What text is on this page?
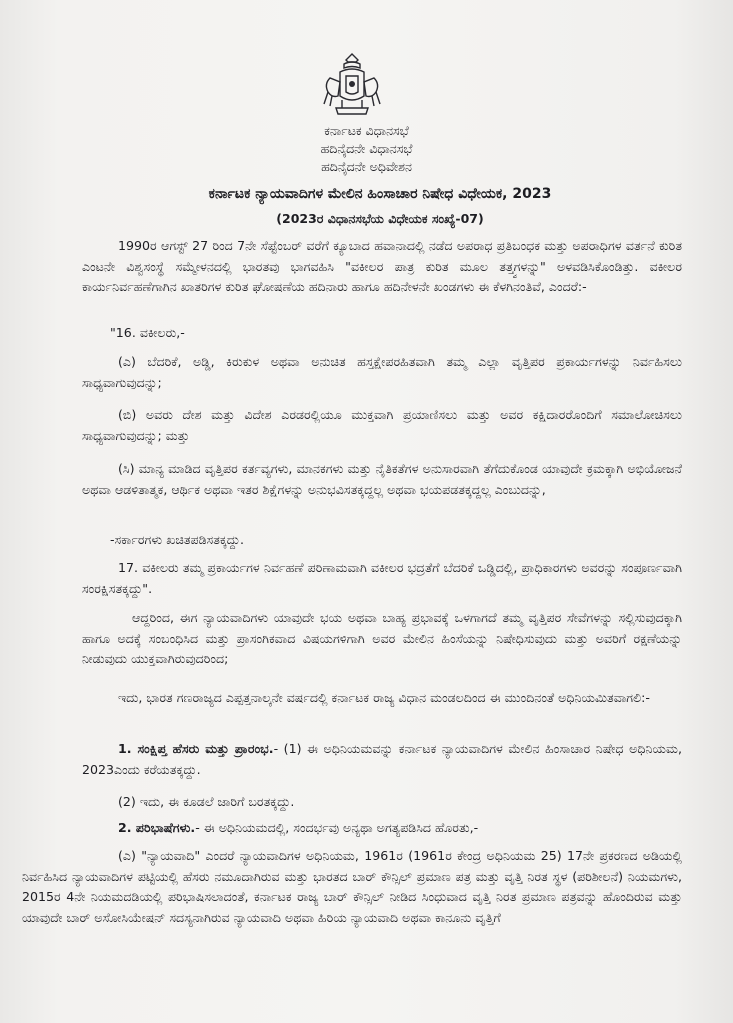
ಕರ್ನಾಟಕ ವಿಧಾನಸಭೆ
ಹದಿನೈದನೇ ವಿಧಾನಸಭೆ
ಹದಿನೈದನೇ ಅಧಿವೇಶನ
ಕರ್ನಾಟಕ ನ್ಯಾಯವಾದಿಗಳ ಮೇಲಿನ ಹಿಂಸಾಚಾರ ನಿಷೇಧ ವಿಧೇಯಕ, 2023
(2023ರ ವಿಧಾನಸಭೆಯ ವಿಧೇಯಕ ಸಂಖ್ಯೆ-07)
1990ರ ಆಗಸ್ಟ್ 27 ರಿಂದ 7ನೇ ಸೆಪ್ಟೆಂಬರ್ ವರೆಗೆ ಕ್ಯೂಬಾದ ಹವಾನಾದಲ್ಲಿ ನಡೆದ ಅಪರಾಧ ಪ್ರತಿಬಂಧಕ ಮತ್ತು ಅಪರಾಧಿಗಳ ವರ್ತನೆ ಕುರಿತ ಎಂಟನೇ ವಿಶ್ವಸಂಸ್ಥೆ ಸಮ್ಮೇಳನದಲ್ಲಿ ಭಾರತವು ಭಾಗವಹಿಸಿ "ವಕೀಲರ ಪಾತ್ರ ಕುರಿತ ಮೂಲ ತತ್ತ್ವಗಳನ್ನು" ಅಳವಡಿಸಿಕೊಂಡಿತ್ತು. ವಕೀಲರ ಕಾರ್ಯನಿರ್ವಹಣೆಗಾಗಿನ ಖಾತರಿಗಳ ಕುರಿತ ಘೋಷಣೆಯ ಹದಿನಾರು ಹಾಗೂ ಹದಿನೇಳನೇ ಖಂಡಗಳು ಈ ಕೆಳಗಿನಂತಿವೆ, ಎಂದರೆ:-
"16. ವಕೀಲರು,-
(ಎ) ಬೆದರಿಕೆ, ಅಡ್ಡಿ, ಕಿರುಕುಳ ಅಥವಾ ಅನುಚಿತ ಹಸ್ತಕ್ಷೇಪರಹಿತವಾಗಿ ತಮ್ಮ ಎಲ್ಲಾ ವೃತ್ತಿಪರ ಪ್ರಕಾರ್ಯಗಳನ್ನು ನಿರ್ವಹಿಸಲು ಸಾಧ್ಯವಾಗುವುದನ್ನು;
(ಬಿ) ಅವರು ದೇಶ ಮತ್ತು ವಿದೇಶ ಎರಡರಲ್ಲಿಯೂ ಮುಕ್ತವಾಗಿ ಪ್ರಯಾಣಿಸಲು ಮತ್ತು ಅವರ ಕಕ್ಷಿದಾರರೊಂದಿಗೆ ಸಮಾಲೋಚಿಸಲು ಸಾಧ್ಯವಾಗುವುದನ್ನು; ಮತ್ತು
(ಸಿ) ಮಾನ್ಯ ಮಾಡಿದ ವೃತ್ತಿಪರ ಕರ್ತವ್ಯಗಳು, ಮಾನಕಗಳು ಮತ್ತು ನೈತಿಕತೆಗಳ ಅನುಸಾರವಾಗಿ ತೆಗೆದುಕೊಂಡ ಯಾವುದೇ ಕ್ರಮಕ್ಕಾಗಿ ಅಭಿಯೋಜನೆ ಅಥವಾ ಆಡಳಿತಾತ್ಮಕ, ಆರ್ಥಿಕ ಅಥವಾ ಇತರ ಶಿಕ್ಷೆಗಳನ್ನು ಅನುಭವಿಸತಕ್ಕದ್ದಲ್ಲ ಅಥವಾ ಭಯಪಡತಕ್ಕದ್ದಲ್ಲ ಎಂಬುದನ್ನು,
-ಸರ್ಕಾರಗಳು ಖಚಿತಪಡಿಸತಕ್ಕದ್ದು.
17. ವಕೀಲರು ತಮ್ಮ ಪ್ರಕಾರ್ಯಗಳ ನಿರ್ವಹಣೆ ಪರಿಣಾಮವಾಗಿ ವಕೀಲರ ಭದ್ರತೆಗೆ ಬೆದರಿಕೆ ಒಡ್ಡಿದಲ್ಲಿ, ಪ್ರಾಧಿಕಾರಗಳು ಅವರನ್ನು ಸಂಪೂರ್ಣವಾಗಿ ಸಂರಕ್ಷಿಸತಕ್ಕದ್ದು".
ಆದ್ದರಿಂದ, ಈಗ ನ್ಯಾಯವಾದಿಗಳು ಯಾವುದೇ ಭಯ ಅಥವಾ ಬಾಹ್ಯ ಪ್ರಭಾವಕ್ಕೆ ಒಳಗಾಗದೆ ತಮ್ಮ ವೃತ್ತಿಪರ ಸೇವೆಗಳನ್ನು ಸಲ್ಲಿಸುವುದಕ್ಕಾಗಿ ಹಾಗೂ ಅದಕ್ಕೆ ಸಂಬಂಧಿಸಿದ ಮತ್ತು ಪ್ರಾಸಂಗಿಕವಾದ ವಿಷಯಗಳಿಗಾಗಿ ಅವರ ಮೇಲಿನ ಹಿಂಸೆಯನ್ನು ನಿಷೇಧಿಸುವುದು ಮತ್ತು ಅವರಿಗೆ ರಕ್ಷಣೆಯನ್ನು ನೀಡುವುದು ಯುಕ್ತವಾಗಿರುವುದರಿಂದ;
ಇದು, ಭಾರತ ಗಣರಾಜ್ಯದ ಎಪ್ಪತ್ತನಾಲ್ಕನೇ ವರ್ಷದಲ್ಲಿ ಕರ್ನಾಟಕ ರಾಜ್ಯ ವಿಧಾನ ಮಂಡಲದಿಂದ ಈ ಮುಂದಿನಂತೆ ಅಧಿನಿಯಮಿತವಾಗಲಿ:-
1. ಸಂಕ್ಷಿಪ್ತ ಹೆಸರು ಮತ್ತು ಪ್ರಾರಂಭ.- (1) ಈ ಅಧಿನಿಯಮವನ್ನು ಕರ್ನಾಟಕ ನ್ಯಾಯವಾದಿಗಳ ಮೇಲಿನ ಹಿಂಸಾಚಾರ ನಿಷೇಧ ಅಧಿನಿಯಮ, 2023ಎಂದು ಕರೆಯತಕ್ಕದ್ದು.
(2) ಇದು, ಈ ಕೂಡಲೆ ಜಾರಿಗೆ ಬರತಕ್ಕದ್ದು.
2. ಪರಿಭಾಷೆಗಳು.- ಈ ಅಧಿನಿಯಮದಲ್ಲಿ, ಸಂದರ್ಭವು ಅನ್ಯಥಾ ಅಗತ್ಯಪಡಿಸಿದ ಹೊರತು,-
(ಎ) "ನ್ಯಾಯವಾದಿ" ಎಂದರೆ ನ್ಯಾಯವಾದಿಗಳ ಅಧಿನಿಯಮ, 1961ರ (1961ರ ಕೇಂದ್ರ ಅಧಿನಿಯಮ 25) 17ನೇ ಪ್ರಕರಣದ ಅಡಿಯಲ್ಲಿ ನಿರ್ವಹಿಸಿದ ನ್ಯಾಯವಾದಿಗಳ ಪಟ್ಟಿಯಲ್ಲಿ ಹೆಸರು ನಮೂದಾಗಿರುವ ಮತ್ತು ಭಾರತದ ಬಾರ್ ಕೌನ್ಸಿಲ್ ಪ್ರಮಾಣ ಪತ್ರ ಮತ್ತು ವೃತ್ತಿ ನಿರತ ಸ್ಥಳ (ಪರಿಶೀಲನೆ) ನಿಯಮಗಳು, 2015ರ 4ನೇ ನಿಯಮದಡಿಯಲ್ಲಿ ಪರಿಭಾಷಿಸಲಾದಂತೆ, ಕರ್ನಾಟಕ ರಾಜ್ಯ ಬಾರ್ ಕೌನ್ಸಿಲ್ ನೀಡಿದ ಸಿಂಧುವಾದ ವೃತ್ತಿ ನಿರತ ಪ್ರಮಾಣ ಪತ್ರವನ್ನು ಹೊಂದಿರುವ ಮತ್ತು ಯಾವುದೇ ಬಾರ್ ಅಸೋಸಿಯೇಷನ್ ಸದಸ್ಯನಾಗಿರುವ ನ್ಯಾಯವಾದಿ ಅಥವಾ ಹಿರಿಯ ನ್ಯಾಯವಾದಿ ಅಥವಾ ಕಾನೂನು ವೃತ್ತಿಗೆ
